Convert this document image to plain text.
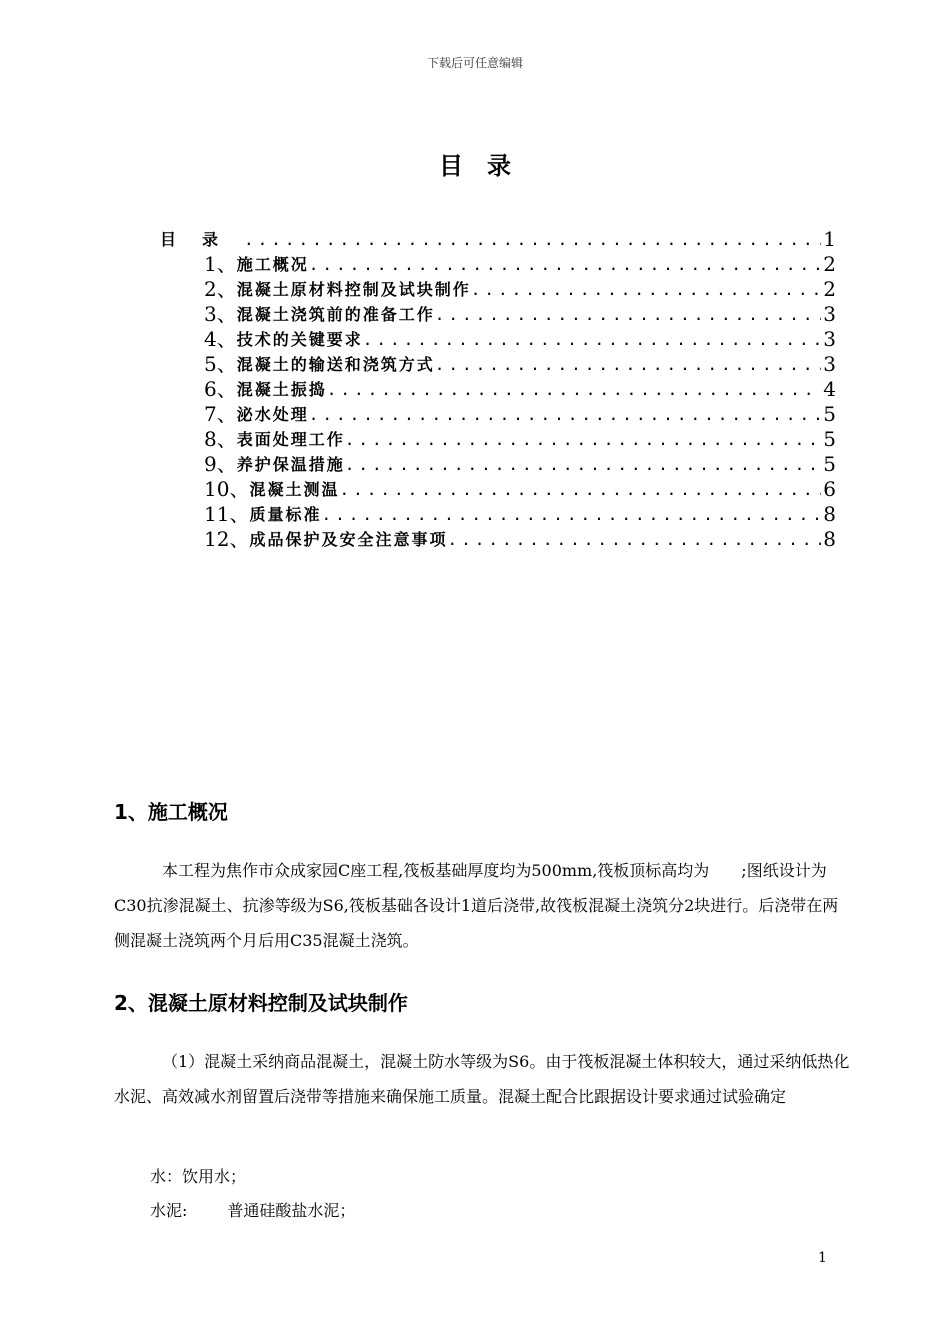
下载后可任意编辑
目　录
目录 .....	1
1、 施工概况 .....	2
2、 混凝土原材料控制及试块制作 .....	2
3、 混凝土浇筑前的准备工作 .....	3
4、 技术的关键要求 .....	3
5、 混凝土的输送和浇筑方式 .....	3
6、 混凝土振捣 .....	4
7、 泌水处理 .....	5
8、 表面处理工作 .....	5
9、 养护保温措施 .....	5
10、 混凝土测温 .....	6
11、 质量标准 .....	8
12、 成品保护及安全注意事项 .....	8
1、施工概况

本工程为焦作市众成家园C座工程,筏板基础厚度均为500mm,筏板顶标高均为　　;图纸设计为C30抗渗混凝土、抗渗等级为S6,筏板基础各设计1道后浇带,故筏板混凝土浇筑分2块进行。后浇带在两侧混凝土浇筑两个月后用C35混凝土浇筑。

2、混凝土原材料控制及试块制作

（1）混凝土采纳商品混凝土，混凝土防水等级为S6。由于筏板混凝土体积较大，通过采纳低热化水泥、高效减水剂留置后浇带等措施来确保施工质量。混凝土配合比跟据设计要求通过试验确定

水：饮用水；
水泥:	普通硅酸盐水泥；
1
